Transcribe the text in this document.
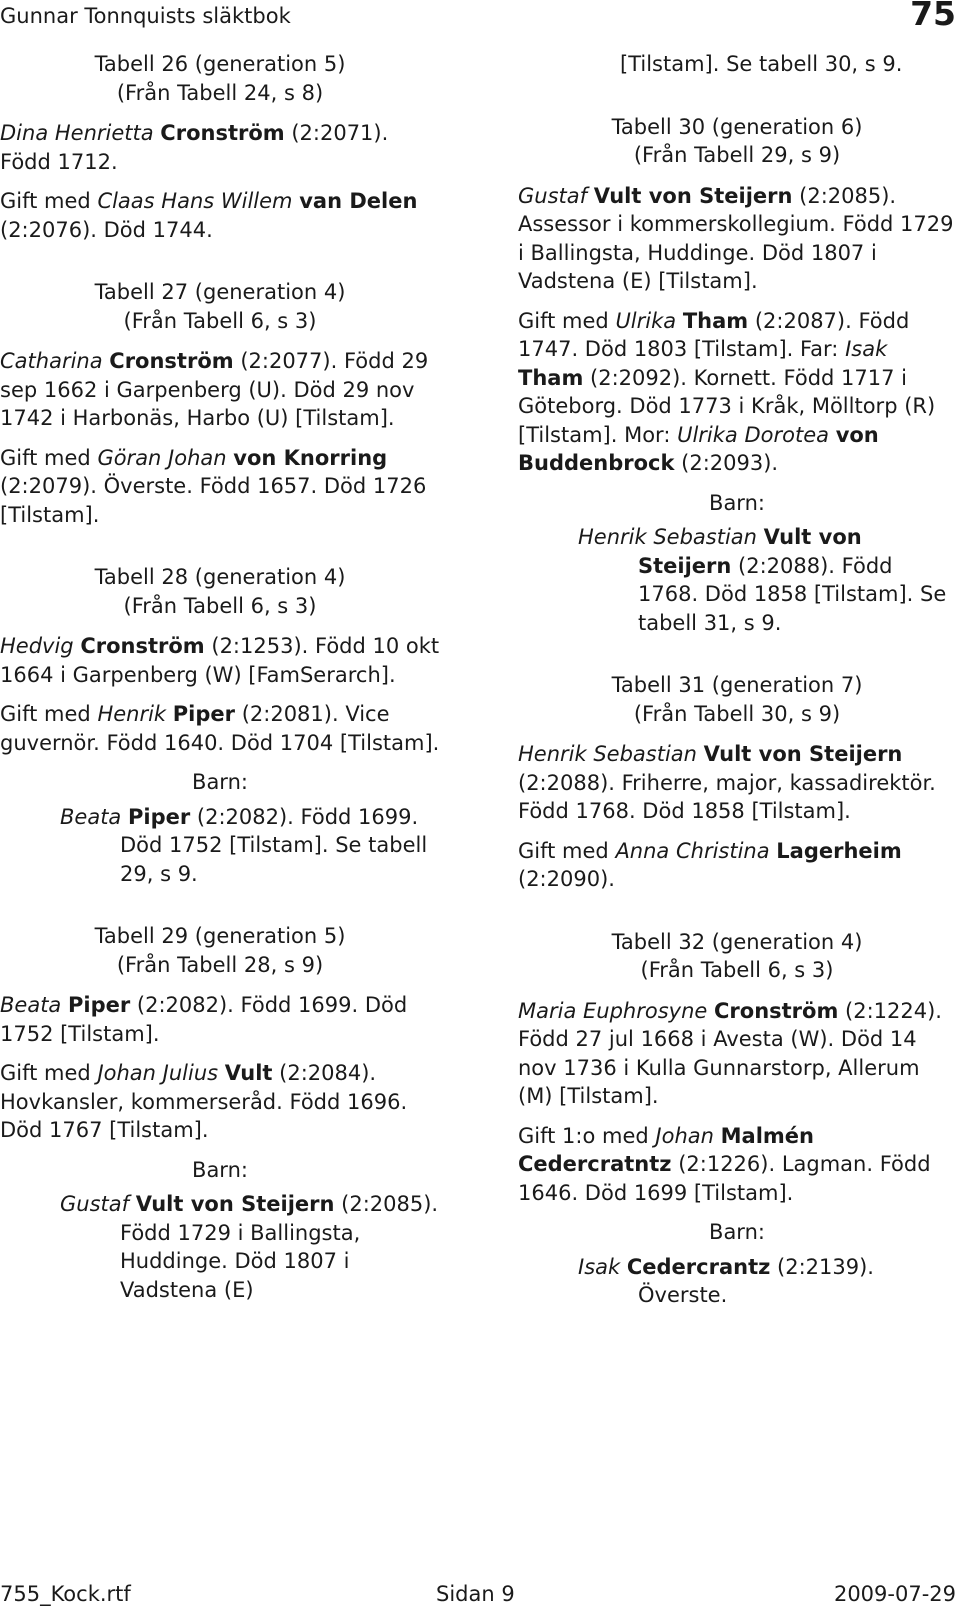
Gunnar Tonnquists släktbok	75
Tabell 26 (generation 5)
(Från Tabell 24, s 8)

Dina Henrietta Cronström (2:2071). Född 1712.

Gift med Claas Hans Willem van Delen (2:2076). Död 1744.

Tabell 27 (generation 4)
(Från Tabell 6, s 3)

Catharina Cronström (2:2077). Född 29 sep 1662 i Garpenberg (U). Död 29 nov 1742 i Harbonäs, Harbo (U) [Tilstam].

Gift med Göran Johan von Knorring (2:2079). Överste. Född 1657. Död 1726 [Tilstam].

Tabell 28 (generation 4)
(Från Tabell 6, s 3)

Hedvig Cronström (2:1253). Född 10 okt 1664 i Garpenberg (W) [FamSerarch].

Gift med Henrik Piper (2:2081). Vice guvernör. Född 1640. Död 1704 [Tilstam].

Barn:

Beata Piper (2:2082). Född 1699. Död 1752 [Tilstam]. Se tabell 29, s 9.

Tabell 29 (generation 5)
(Från Tabell 28, s 9)

Beata Piper (2:2082). Född 1699. Död 1752 [Tilstam].

Gift med Johan Julius Vult (2:2084). Hovkansler, kommerseråd. Född 1696. Död 1767 [Tilstam].

Barn:

Gustaf Vult von Steijern (2:2085). Född 1729 i Ballingsta, Huddinge. Död 1807 i Vadstena (E)

[Tilstam]. Se tabell 30, s 9.

Tabell 30 (generation 6)
(Från Tabell 29, s 9)

Gustaf Vult von Steijern (2:2085). Assessor i kommerskollegium. Född 1729 i Ballingsta, Huddinge. Död 1807 i Vadstena (E) [Tilstam].

Gift med Ulrika Tham (2:2087). Född 1747. Död 1803 [Tilstam]. Far: Isak Tham (2:2092). Kornett. Född 1717 i Göteborg. Död 1773 i Kråk, Mölltorp (R) [Tilstam]. Mor: Ulrika Dorotea von Buddenbrock (2:2093).

Barn:

Henrik Sebastian Vult von Steijern (2:2088). Född 1768. Död 1858 [Tilstam]. Se tabell 31, s 9.

Tabell 31 (generation 7)
(Från Tabell 30, s 9)

Henrik Sebastian Vult von Steijern (2:2088). Friherre, major, kassadirektör. Född 1768. Död 1858 [Tilstam].

Gift med Anna Christina Lagerheim (2:2090).

Tabell 32 (generation 4)
(Från Tabell 6, s 3)

Maria Euphrosyne Cronström (2:1224). Född 27 jul 1668 i Avesta (W). Död 14 nov 1736 i Kulla Gunnarstorp, Allerum (M) [Tilstam].

Gift 1:o med Johan Malmén Cedercratntz (2:1226). Lagman. Född 1646. Död 1699 [Tilstam].

Barn:

Isak Cedercrantz (2:2139). Överste.

755_Kock.rtf	Sidan 9	2009-07-29
